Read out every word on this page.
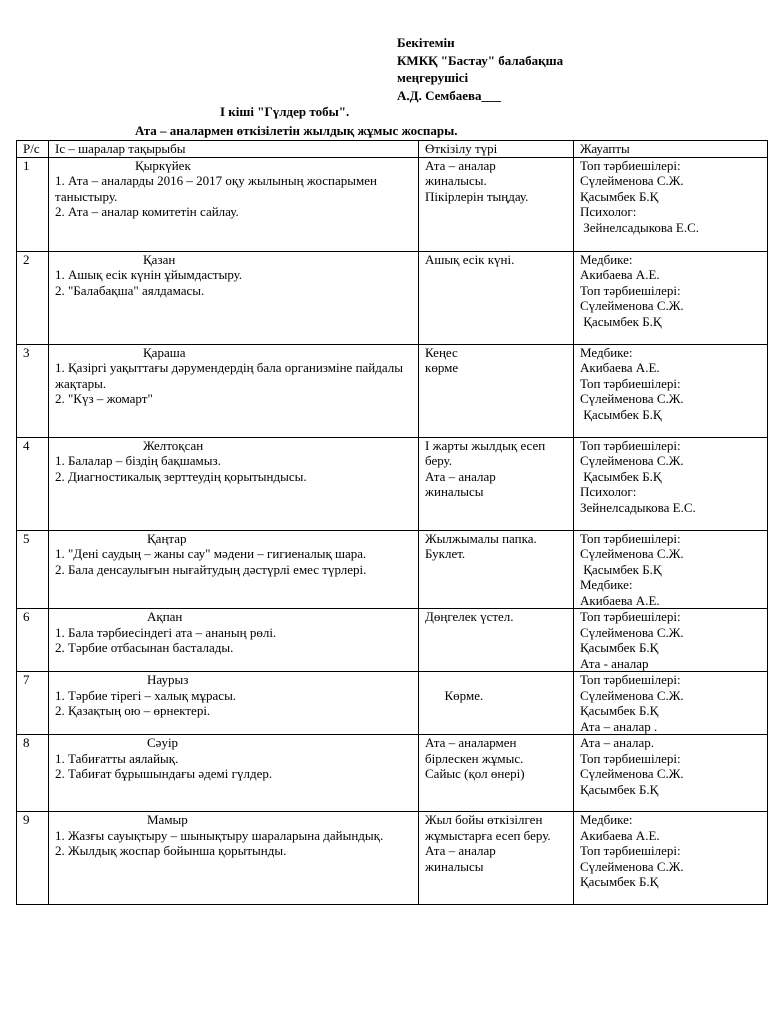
Бекітемін
КМКҚ "Бастау" балабақша
меңгерушісі
А.Д. Сембаева___
І кіші "Гүлдер тобы".
Ата – аналармен өткізілетін жылдық жұмыс жоспары.
Р/с	Іс – шаралар тақырыбы	Өткізілу түрі	Жауапты
1	Қыркүйек
1. Ата – аналарды 2016 – 2017 оқу жылының жоспарымен таныстыру.
2. Ата – аналар комитетін сайлау.	Ата – аналар
жиналысы.
Пікірлерін тыңдау.	Топ тәрбиешілері:
Сүлейменова С.Ж.
Қасымбек Б.Қ
Психолог:
Зейнелсадыкова Е.С.

2	Қазан
1. Ашық есік күнін ұйымдастыру.
2. "Балабақша" аялдамасы.	Ашық есік күні.	Медбике:
Акибаева А.Е.
Топ тәрбиешілері:
Сүлейменова С.Ж.
Қасымбек Б.Қ

3	Қараша
1. Қазіргі уақыттағы дәрумендердің бала организміне пайдалы жақтары.
2. "Күз – жомарт"	Кеңес
көрме	Медбике:
Акибаева А.Е.
Топ тәрбиешілері:
Сүлейменова С.Ж.
Қасымбек Б.Қ

4	Желтоқсан
1. Балалар – біздің бақшамыз.
2. Диагностикалық зерттеудің қорытындысы.	І жарты жылдық есеп
беру.
Ата – аналар
жиналысы	Топ тәрбиешілері:
Сүлейменова С.Ж.
Қасымбек Б.Қ
Психолог:
Зейнелсадыкова Е.С.

5	Қаңтар
1. "Дені саудың – жаны сау" мәдени – гигиеналық шара.
2. Бала денсаулығын нығайтудың дәстүрлі емес түрлері.	Жылжымалы папка.
Буклет.	Топ тәрбиешілері:
Сүлейменова С.Ж.
Қасымбек Б.Қ
Медбике:
Акибаева А.Е.

6	Ақпан
1. Бала тәрбиесіндегі ата – ананың рөлі.
2. Тәрбие отбасынан басталады.	Дөңгелек үстел.	Топ тәрбиешілері:
Сүлейменова С.Ж.
Қасымбек Б.Қ
Ата - аналар

7	Наурыз
1. Тәрбие тірегі – халық мұрасы.
2. Қазақтың ою – өрнектері.	Көрме.	Топ тәрбиешілері:
Сүлейменова С.Ж.
Қасымбек Б.Қ
Ата – аналар .

8	Сәуір
1. Табиғатты аялайық.
2. Табиғат бұрышындағы әдемі гүлдер.	Ата – аналармен
бірлескен жұмыс.
Сайыс (қол өнері)	Ата – аналар.
Топ тәрбиешілері:
Сүлейменова С.Ж.
Қасымбек Б.Қ

9	Мамыр
1. Жазғы сауықтыру – шынықтыру шараларына дайындық.
2. Жылдық жоспар бойынша қорытынды.	Жыл бойы өткізілген
жұмыстарға есеп беру.
Ата – аналар
жиналысы	Медбике:
Акибаева А.Е.
Топ тәрбиешілері:
Сүлейменова С.Ж.
Қасымбек Б.Қ
